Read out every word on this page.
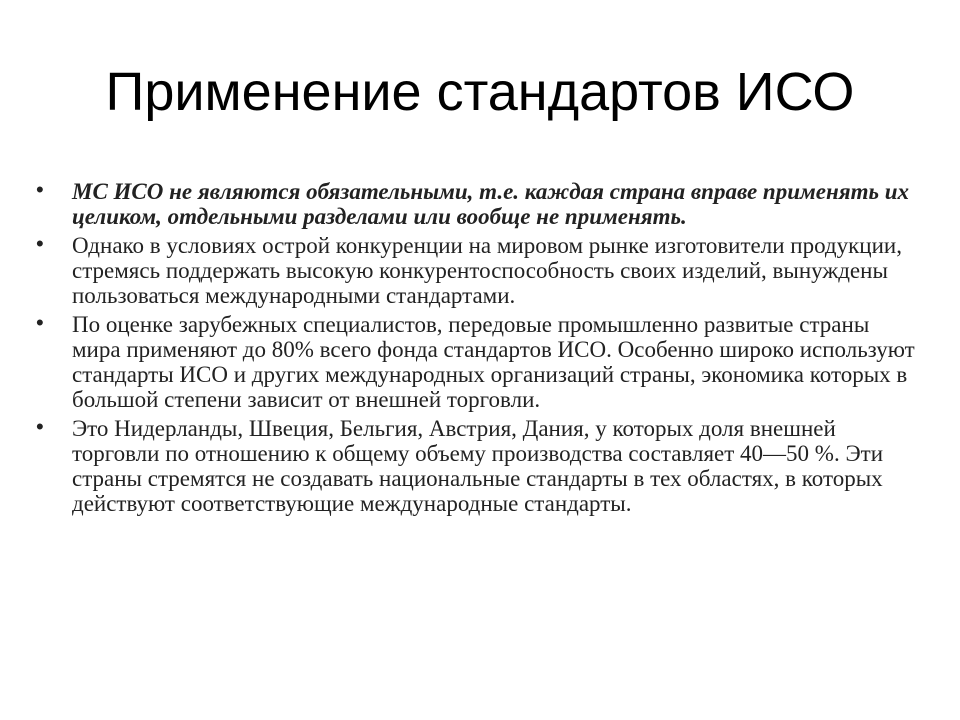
Применение стандартов ИСО
• МС ИСО не являются обязательными, т.е. каждая страна вправе применять их целиком, отдельными разделами или вообще не применять.
• Однако в условиях острой конкуренции на мировом рынке изготовители продукции, стремясь поддержать высокую конкурентоспособность своих изделий, вынуждены пользоваться международными стандартами.
• По оценке зарубежных специалистов, передовые промышленно развитые страны мира применяют до 80% всего фонда стандартов ИСО. Особенно широко используют стандарты ИСО и других международных организаций страны, экономика которых в большой степени зависит от внешней торговли.
• Это Нидерланды, Швеция, Бельгия, Австрия, Дания, у которых доля внешней торговли по отношению к общему объему производства составляет 40—50 %. Эти страны стремятся не создавать национальные стандарты в тех областях, в которых действуют соответствующие международные стандарты.
